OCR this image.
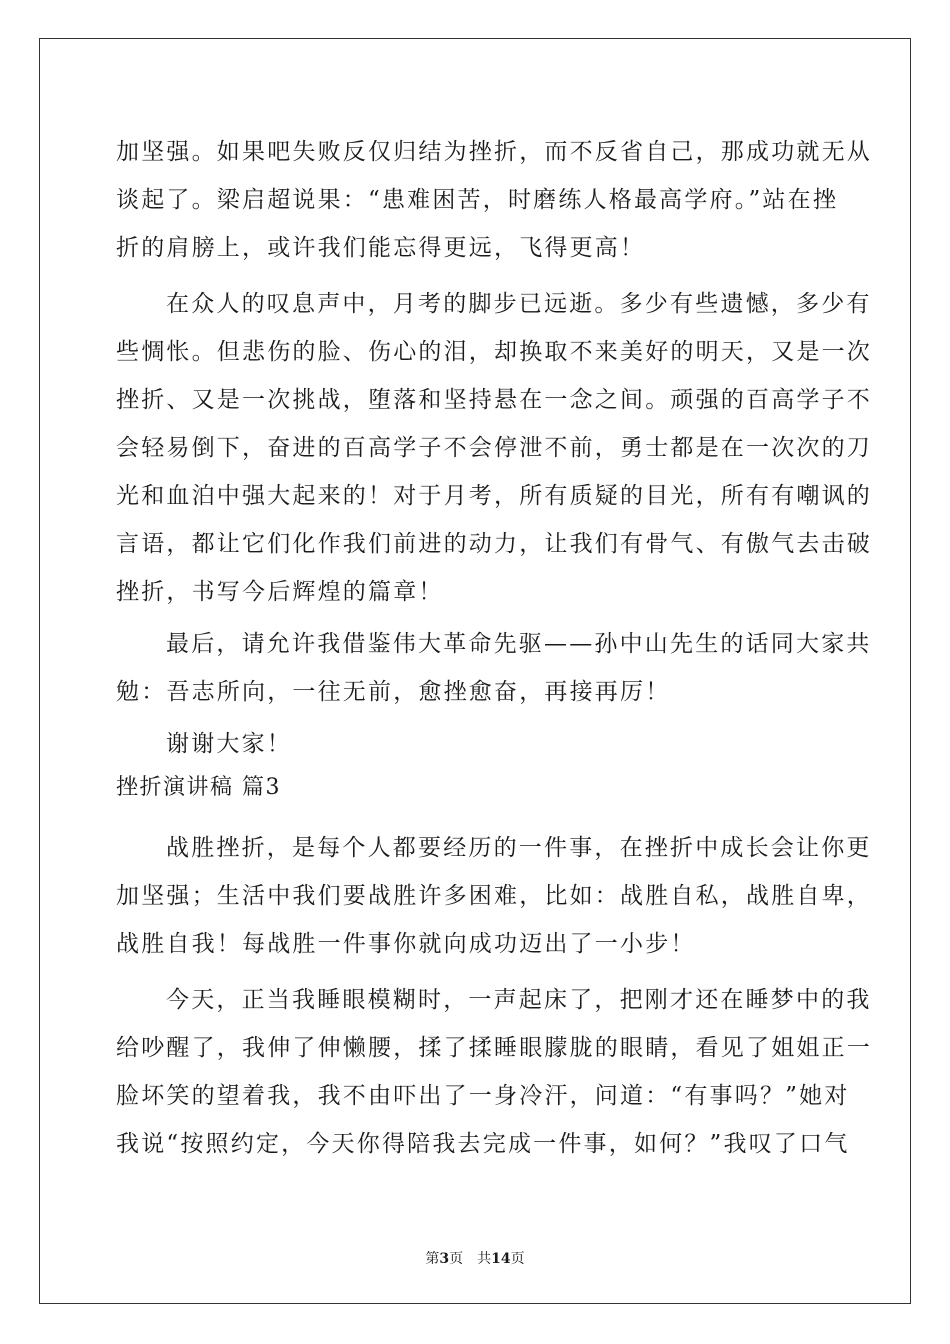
加坚强。如果吧失败反仅归结为挫折，而不反省自己，那成功就无从
谈起了。梁启超说果：“患难困苦，时磨练人格最高学府。”站在挫
折的肩膀上，或许我们能忘得更远，飞得更高！
在众人的叹息声中，月考的脚步已远逝。多少有些遗憾，多少有
些惆怅。但悲伤的脸、伤心的泪，却换取不来美好的明天，又是一次
挫折、又是一次挑战，堕落和坚持悬在一念之间。顽强的百高学子不
会轻易倒下，奋进的百高学子不会停泄不前，勇士都是在一次次的刀
光和血泊中强大起来的！对于月考，所有质疑的目光，所有有嘲讽的
言语，都让它们化作我们前进的动力，让我们有骨气、有傲气去击破
挫折，书写今后辉煌的篇章！
最后，请允许我借鉴伟大革命先驱——孙中山先生的话同大家共
勉：吾志所向，一往无前，愈挫愈奋，再接再厉！
谢谢大家！
挫折演讲稿 篇3
战胜挫折，是每个人都要经历的一件事，在挫折中成长会让你更
加坚强；生活中我们要战胜许多困难，比如：战胜自私，战胜自卑，
战胜自我！每战胜一件事你就向成功迈出了一小步！
今天，正当我睡眼模糊时，一声起床了，把刚才还在睡梦中的我
给吵醒了，我伸了伸懒腰，揉了揉睡眼朦胧的眼睛，看见了姐姐正一
脸坏笑的望着我，我不由吓出了一身冷汗，问道：“有事吗？”她对
我说“按照约定，今天你得陪我去完成一件事，如何？”我叹了口气
第3页　共14页
